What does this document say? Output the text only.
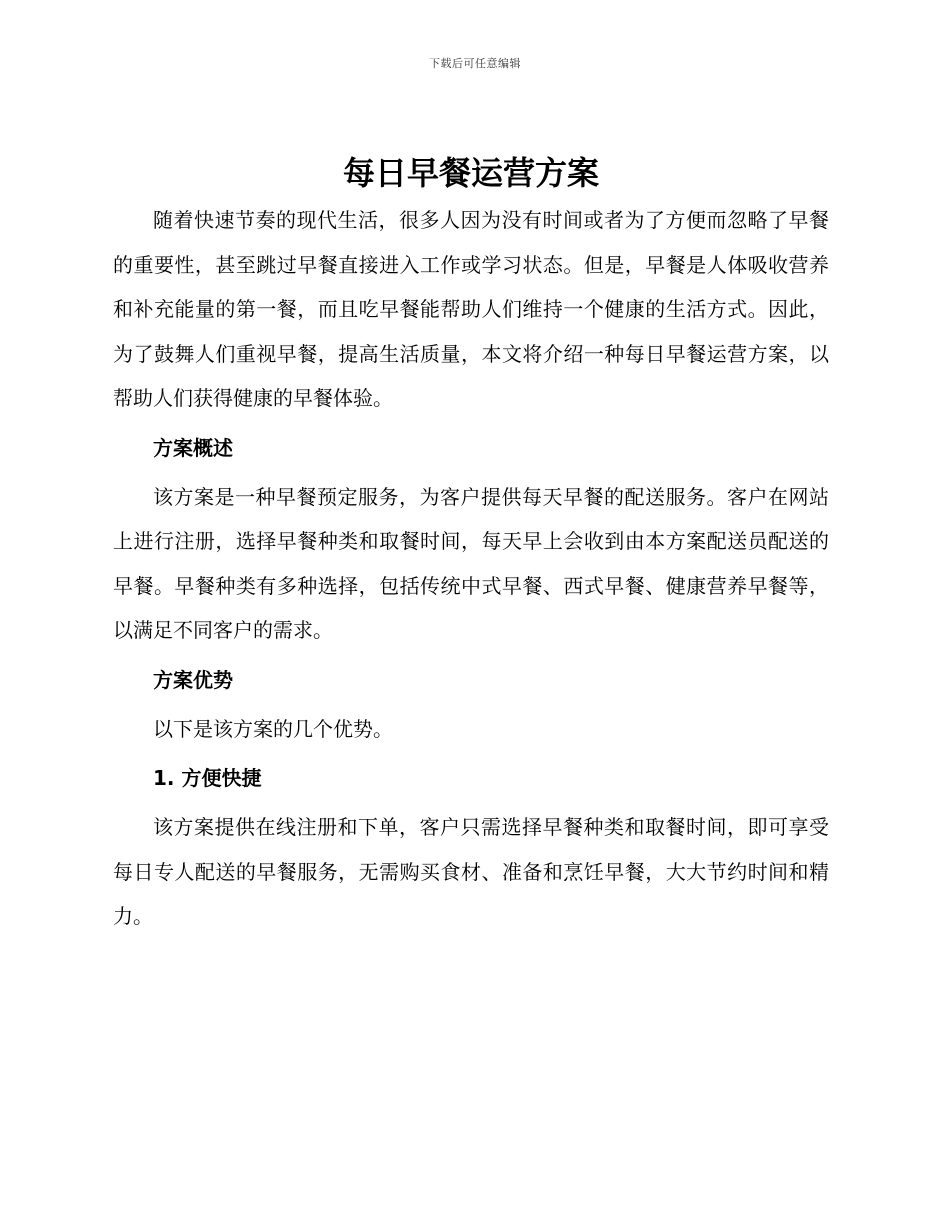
下载后可任意编辑
每日早餐运营方案

随着快速节奏的现代生活，很多人因为没有时间或者为了方便而忽略了早餐的重要性，甚至跳过早餐直接进入工作或学习状态。但是，早餐是人体吸收营养和补充能量的第一餐，而且吃早餐能帮助人们维持一个健康的生活方式。因此，为了鼓舞人们重视早餐，提高生活质量，本文将介绍一种每日早餐运营方案，以帮助人们获得健康的早餐体验。

方案概述

该方案是一种早餐预定服务，为客户提供每天早餐的配送服务。客户在网站上进行注册，选择早餐种类和取餐时间，每天早上会收到由本方案配送员配送的早餐。早餐种类有多种选择，包括传统中式早餐、西式早餐、健康营养早餐等，以满足不同客户的需求。

方案优势

以下是该方案的几个优势。

1. 方便快捷

该方案提供在线注册和下单，客户只需选择早餐种类和取餐时间，即可享受每日专人配送的早餐服务，无需购买食材、准备和烹饪早餐，大大节约时间和精力。
